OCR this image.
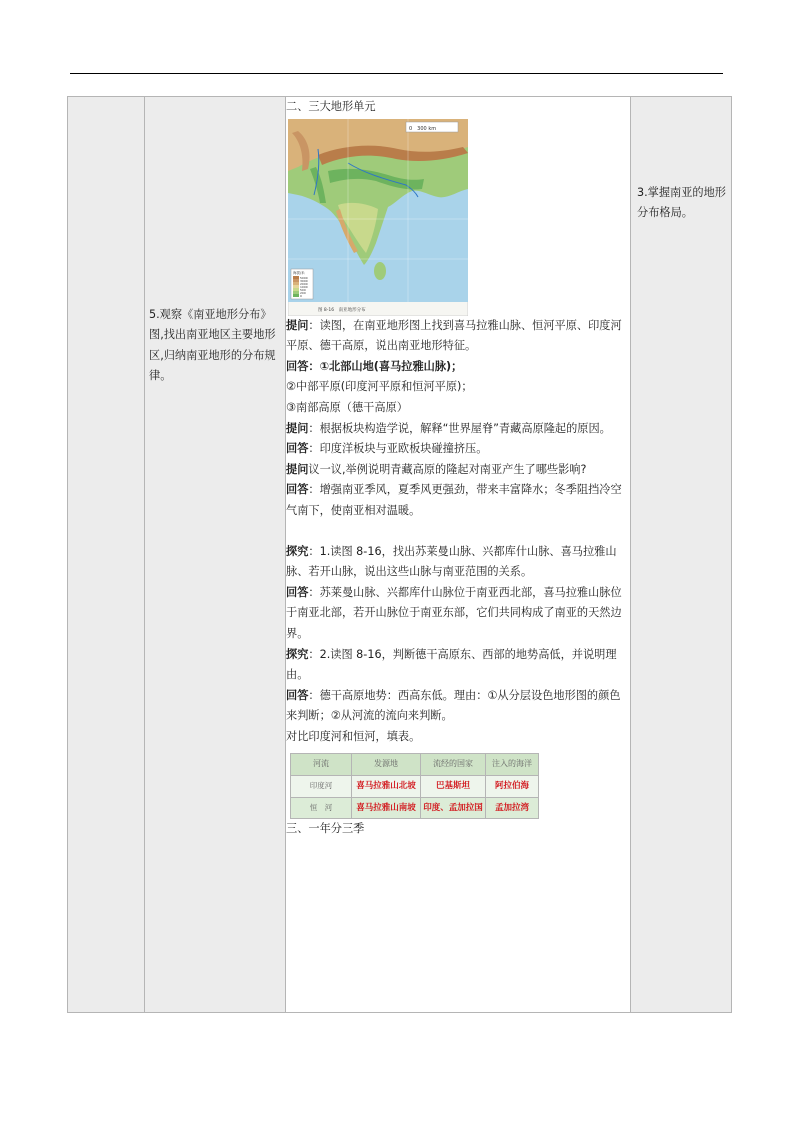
5.观察《南亚地形分布》图,找出南亚地区主要地形区,归纳南亚地形的分布规律。

二、三大地形单元

0　300 km
海拔/米
5000
3000
2000
1000
500
200
0
图 8-16　南亚地形分布

提问：读图，在南亚地形图上找到喜马拉雅山脉、恒河平原、印度河平原、德干高原，说出南亚地形特征。

回答：①北部山地(喜马拉雅山脉)；

②中部平原(印度河平原和恒河平原)；

③南部高原（德干高原）

提问：根据板块构造学说，解释“世界屋脊”青藏高原隆起的原因。

回答：印度洋板块与亚欧板块碰撞挤压。

提问议一议,举例说明青藏高原的隆起对南亚产生了哪些影响?

回答：增强南亚季风，夏季风更强劲，带来丰富降水；冬季阻挡冷空气南下，使南亚相对温暖。

探究：1.读图 8-16，找出苏莱曼山脉、兴都库什山脉、喜马拉雅山脉、若开山脉，说出这些山脉与南亚范围的关系。

回答：苏莱曼山脉、兴都库什山脉位于南亚西北部，喜马拉雅山脉位于南亚北部，若开山脉位于南亚东部，它们共同构成了南亚的天然边界。

探究：2.读图 8-16，判断德干高原东、西部的地势高低，并说明理由。

回答：德干高原地势：西高东低。理由：①从分层设色地形图的颜色来判断；②从河流的流向来判断。

对比印度河和恒河，填表。

河流	发源地	流经的国家	注入的海洋
印度河	喜马拉雅山北坡	巴基斯坦	阿拉伯海
恒　河	喜马拉雅山南坡	印度、孟加拉国	孟加拉湾

三、一年分三季

3.掌握南亚的地形分布格局。
